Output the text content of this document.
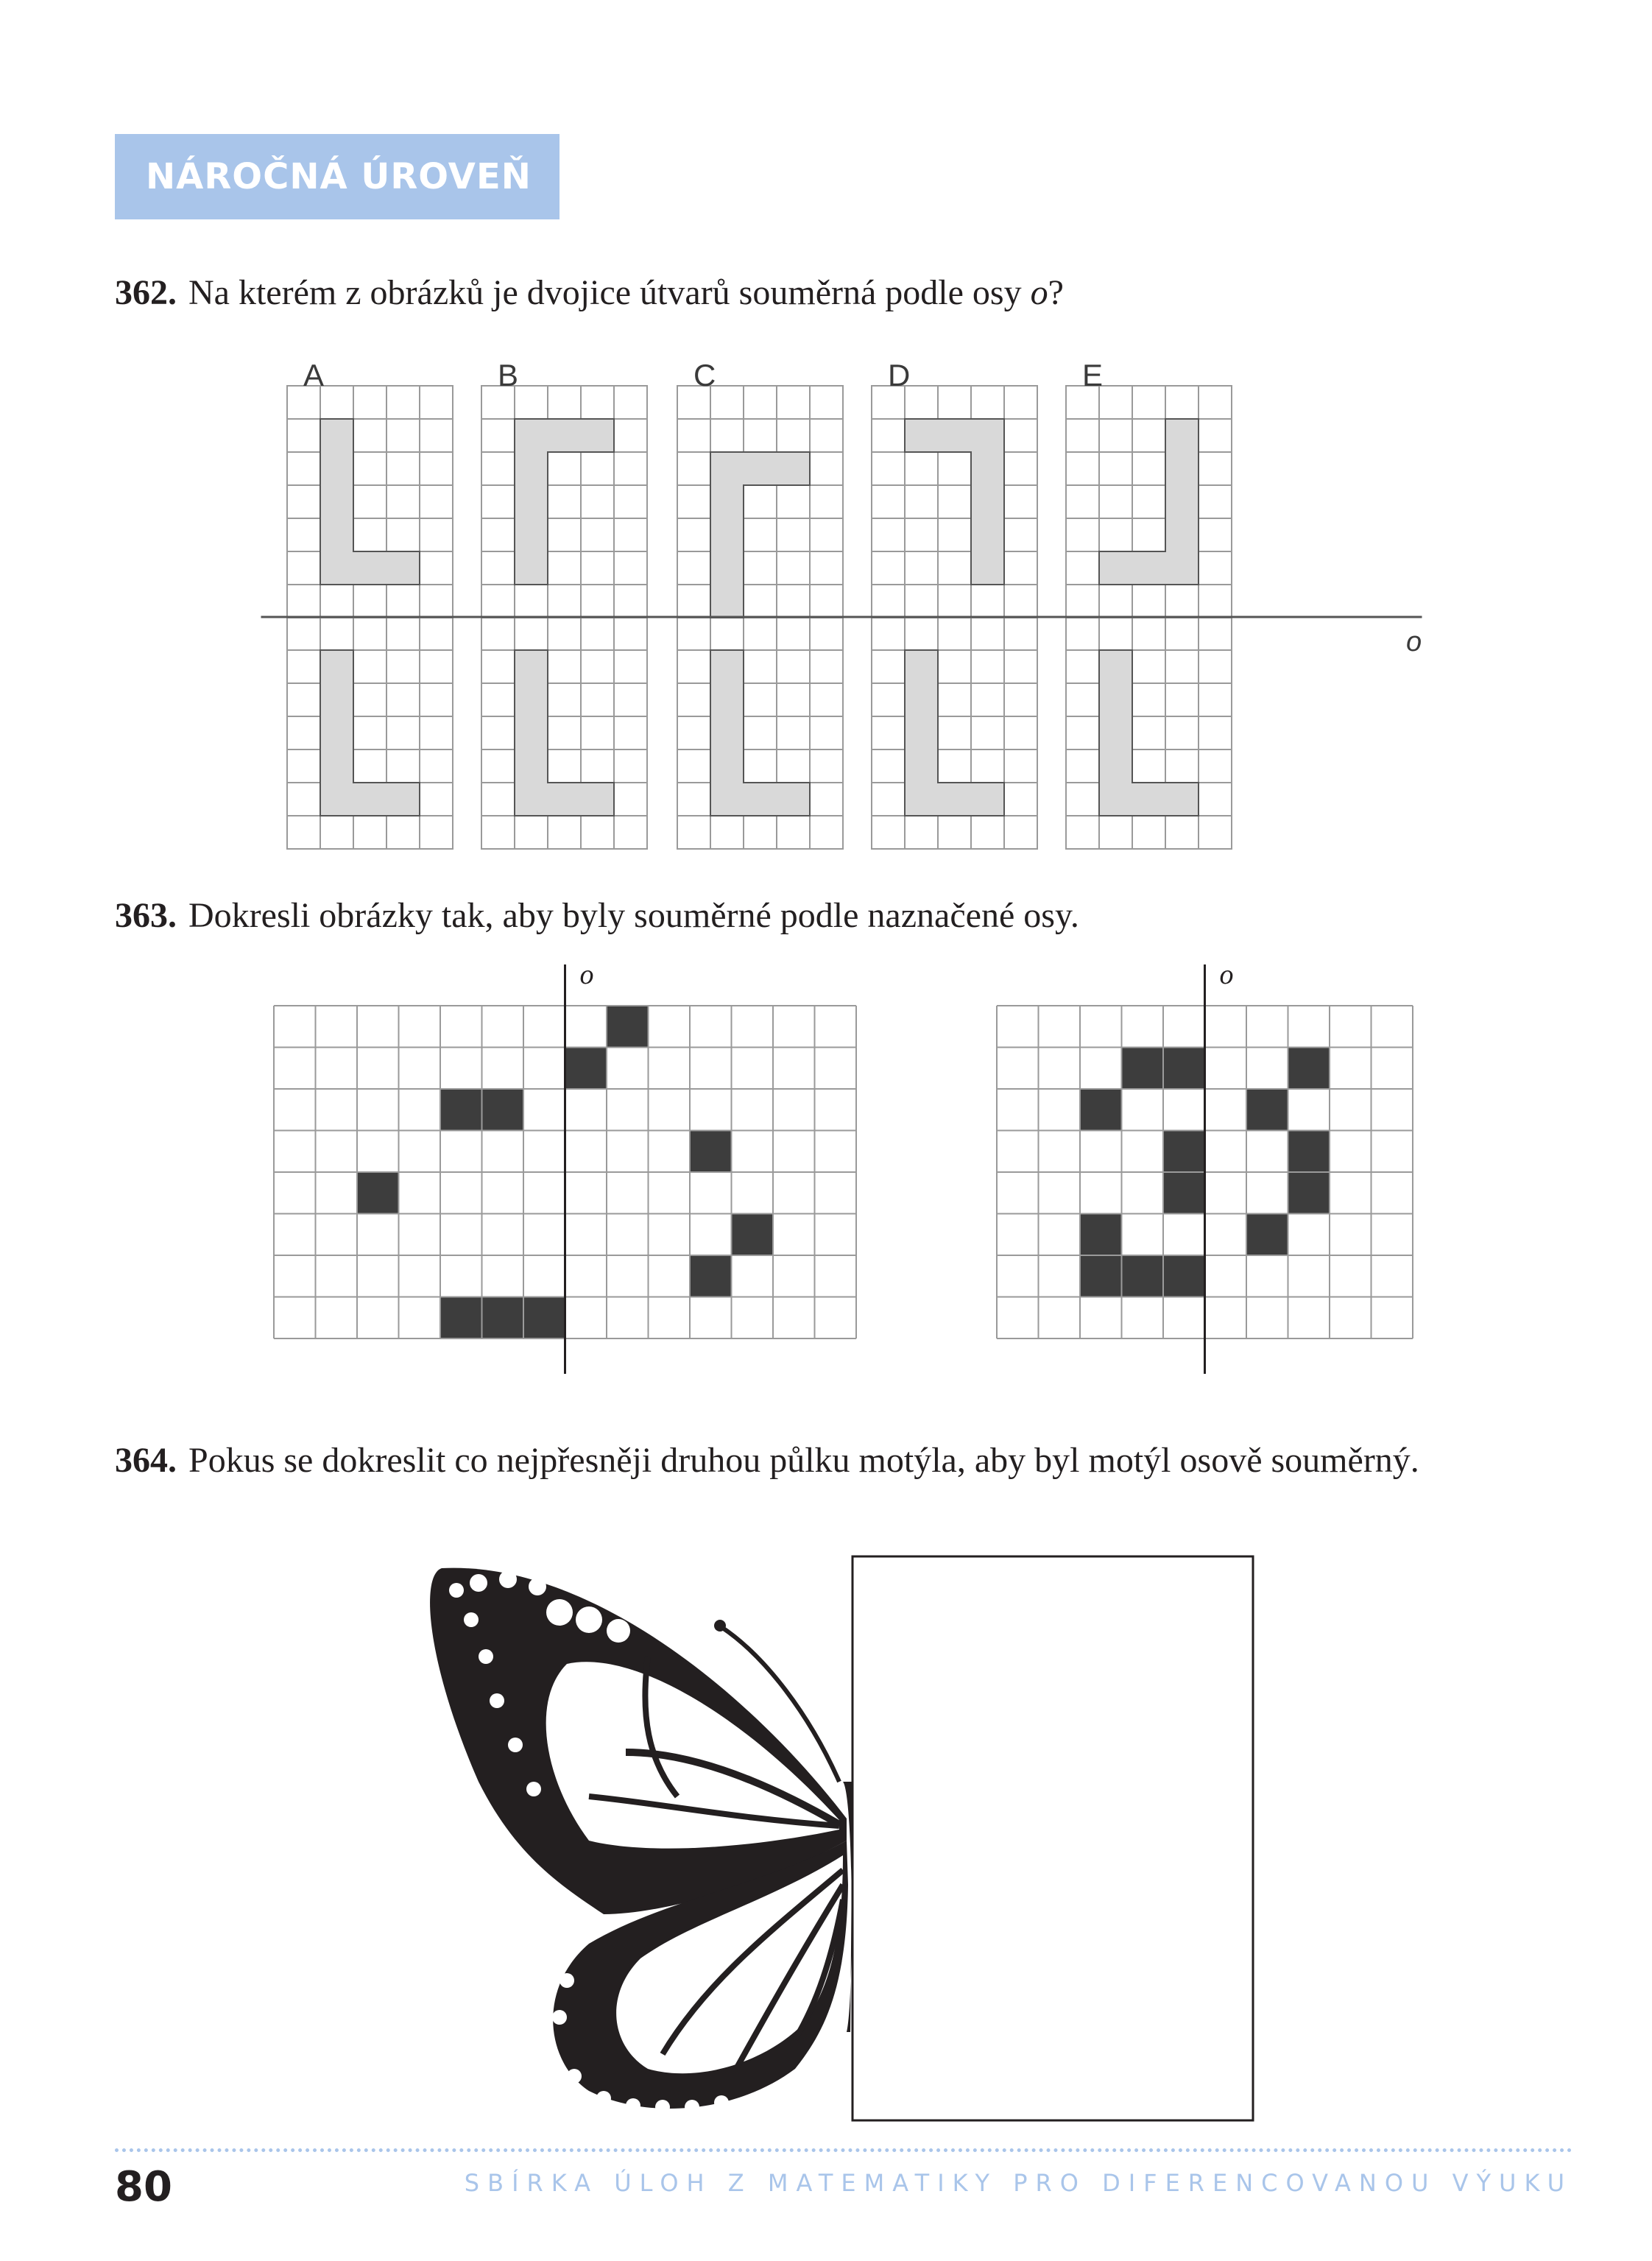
NÁROČNÁ ÚROVEŇ
362. Na kterém z obrázků je dvojice útvarů souměrná podle osy o?
A	B	C	D	E
o
363. Dokresli obrázky tak, aby byly souměrné podle naznačené osy.
o	o
364. Pokus se dokreslit co nejpřesněji druhou půlku motýla, aby byl motýl osově souměrný.
80	SBÍRKA ÚLOH Z MATEMATIKY PRO DIFERENCOVANOU VÝUKU
